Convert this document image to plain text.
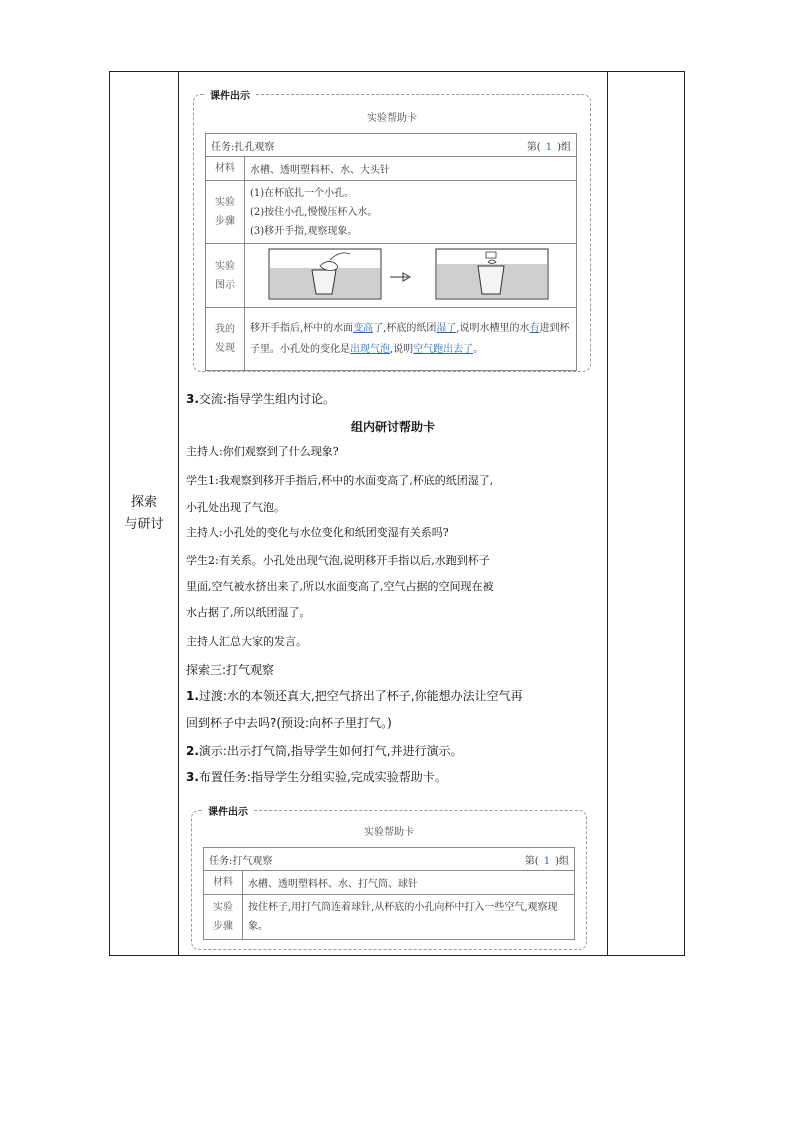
探索
与研讨
课件出示
实验帮助卡
任务:扎孔观察 第( 1 )组	

材料	水槽、透明塑料杯、水、大头针
实验步骤	(1)在杯底扎一个小孔。
(2)按住小孔,慢慢压杯入水。
(3)移开手指,观察现象。

实验图示	
我的发现	移开手指后,杯中的水面变高了,杯底的纸团湿了,说明水槽里的水有进到杯子里。小孔处的变化是出现气泡,说明空气跑出去了。
3.交流:指导学生组内讨论。
组内研讨帮助卡
主持人:你们观察到了什么现象?
学生1:我观察到移开手指后,杯中的水面变高了,杯底的纸团湿了,
小孔处出现了气泡。
主持人:小孔处的变化与水位变化和纸团变湿有关系吗?
学生2:有关系。小孔处出现气泡,说明移开手指以后,水跑到杯子
里面,空气被水挤出来了,所以水面变高了,空气占据的空间现在被
水占据了,所以纸团湿了。
主持人汇总大家的发言。
探索三:打气观察
1.过渡:水的本领还真大,把空气挤出了杯子,你能想办法让空气再
回到杯子中去吗?(预设:向杯子里打气。)
2.演示:出示打气筒,指导学生如何打气,并进行演示。
3.布置任务:指导学生分组实验,完成实验帮助卡。
课件出示
实验帮助卡
任务:打气观察 第( 1 )组	

材料	水槽、透明塑料杯、水、打气筒、球针
实验步骤	按住杯子,用打气筒连着球针,从杯底的小孔向杯中打入一些空气,观察现象。
